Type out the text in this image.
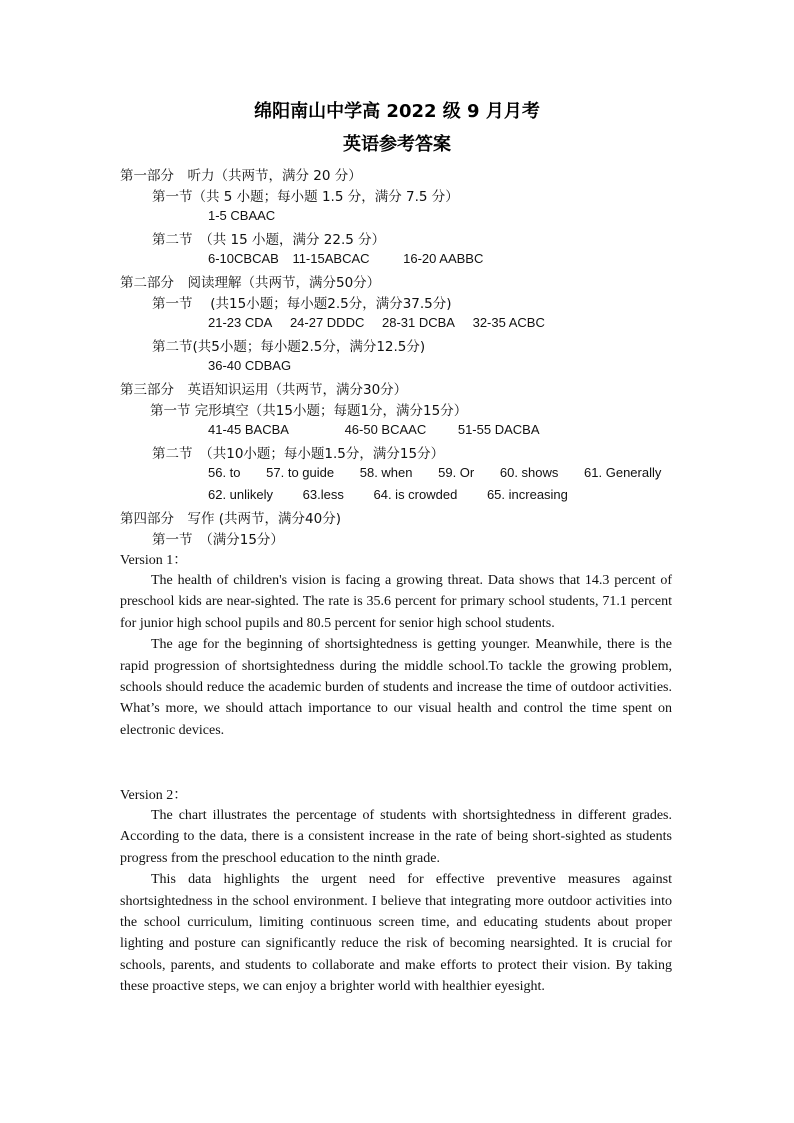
绵阳南山中学高 2022 级 9 月月考
英语参考答案
第一部分　听力（共两节，满分 20 分）
第一节（共 5 小题；每小题 1.5 分，满分 7.5 分）
1-5 CBAAC
第二节　（共 15 小题，满分 22.5 分）
6-10CBCAB 11-15ABCAC	16-20 AABBC
第二部分　阅读理解（共两节，满分50分）
第一节　 (共15小题；每小题2.5分，满分37.5分)
21-23 CDA 24-27 DDDC 28-31 DCBA 32-35 ACBC
第二节(共5小题；每小题2.5分，满分12.5分)
36-40 CDBAG
第三部分　英语知识运用（共两节，满分30分）
第一节 完形填空（共15小题；每题1分，满分15分）
41-45 BACBA	46-50 BCAAC 51-55 DACBA
第二节　（共10小题；每小题1.5分，满分15分）
56. to 57. to guide 58. when 59. Or 60. shows 61. Generally
62. unlikely 63.less 64. is crowded 65. increasing
第四部分　写作 (共两节，满分40分)
第一节　（满分15分）
Version 1：

The health of children's vision is facing a growing threat. Data shows that 14.3 percent of preschool kids are near-sighted. The rate is 35.6 percent for primary school students, 71.1 percent for junior high school pupils and 80.5 percent for senior high school students.

The age for the beginning of shortsightedness is getting younger. Meanwhile, there is the rapid progression of shortsightedness during the middle school.To tackle the growing problem, schools should reduce the academic burden of students and increase the time of outdoor activities. What’s more, we should attach importance to our visual health and control the time spent on electronic devices.

Version 2：

The chart illustrates the percentage of students with shortsightedness in different grades. According to the data, there is a consistent increase in the rate of being short-sighted as students progress from the preschool education to the ninth grade.

This data highlights the urgent need for effective preventive measures against shortsightedness in the school environment. I believe that integrating more outdoor activities into the school curriculum, limiting continuous screen time, and educating students about proper lighting and posture can significantly reduce the risk of becoming nearsighted. It is crucial for schools, parents, and students to collaborate and make efforts to protect their vision. By taking these proactive steps, we can enjoy a brighter world with healthier eyesight.
